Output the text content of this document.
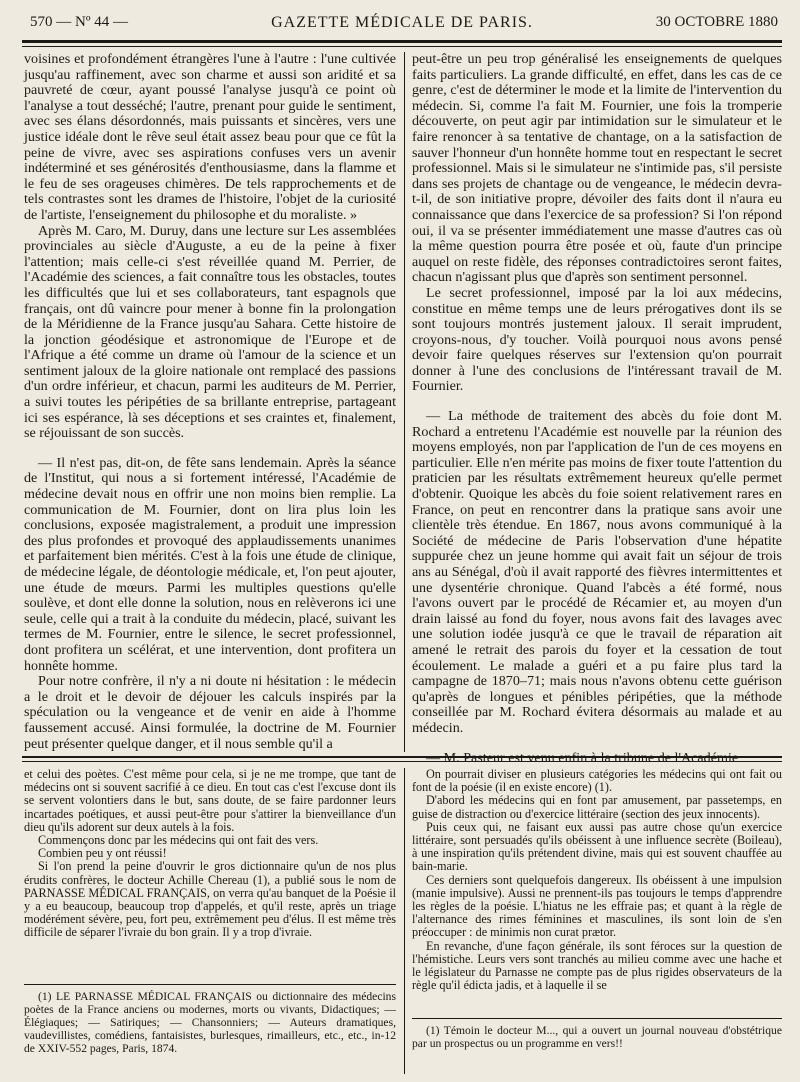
570 — Nº 44 —	GAZETTE MÉDICALE DE PARIS.	30 OCTOBRE 1880

voisines et profondément étrangères l'une à l'autre : l'une cultivée jusqu'au raffinement, avec son charme et aussi son aridité et sa pauvreté de cœur, ayant poussé l'analyse jusqu'à ce point où l'analyse a tout desséché; l'autre, prenant pour guide le sentiment, avec ses élans désordonnés, mais puissants et sincères, vers une justice idéale dont le rêve seul était assez beau pour que ce fût la peine de vivre, avec ses aspirations confuses vers un avenir indéterminé et ses générosités d'enthousiasme, dans la flamme et le feu de ses orageuses chimères. De tels rapprochements et de tels contrastes sont les drames de l'histoire, l'objet de la curiosité de l'artiste, l'enseignement du philosophe et du moraliste. »

Après M. Caro, M. Duruy, dans une lecture sur Les assemblées provinciales au siècle d'Auguste, a eu de la peine à fixer l'attention; mais celle-ci s'est réveillée quand M. Perrier, de l'Académie des sciences, a fait connaître tous les obstacles, toutes les difficultés que lui et ses collaborateurs, tant espagnols que français, ont dû vaincre pour mener à bonne fin la prolongation de la Méridienne de la France jusqu'au Sahara. Cette histoire de la jonction géodésique et astronomique de l'Europe et de l'Afrique a été comme un drame où l'amour de la science et un sentiment jaloux de la gloire nationale ont remplacé des passions d'un ordre inférieur, et chacun, parmi les auditeurs de M. Perrier, a suivi toutes les péripéties de sa brillante entreprise, partageant ici ses espérance, là ses déceptions et ses craintes et, finalement, se réjouissant de son succès.

— Il n'est pas, dit-on, de fête sans lendemain. Après la séance de l'Institut, qui nous a si fortement intéressé, l'Académie de médecine devait nous en offrir une non moins bien remplie. La communication de M. Fournier, dont on lira plus loin les conclusions, exposée magistralement, a produit une impression des plus profondes et provoqué des applaudissements unanimes et parfaitement bien mérités. C'est à la fois une étude de clinique, de médecine légale, de déontologie médicale, et, l'on peut ajouter, une étude de mœurs. Parmi les multiples questions qu'elle soulève, et dont elle donne la solution, nous en relèverons ici une seule, celle qui a trait à la conduite du médecin, placé, suivant les termes de M. Fournier, entre le silence, le secret professionnel, dont profitera un scélérat, et une intervention, dont profitera un honnête homme.

Pour notre confrère, il n'y a ni doute ni hésitation : le médecin a le droit et le devoir de déjouer les calculs inspirés par la spéculation ou la vengeance et de venir en aide à l'homme faussement accusé. Ainsi formulée, la doctrine de M. Fournier peut présenter quelque danger, et il nous semble qu'il a

peut-être un peu trop généralisé les enseignements de quelques faits particuliers. La grande difficulté, en effet, dans les cas de ce genre, c'est de déterminer le mode et la limite de l'intervention du médecin. Si, comme l'a fait M. Fournier, une fois la tromperie découverte, on peut agir par intimidation sur le simulateur et le faire renoncer à sa tentative de chantage, on a la satisfaction de sauver l'honneur d'un honnête homme tout en respectant le secret professionnel. Mais si le simulateur ne s'intimide pas, s'il persiste dans ses projets de chantage ou de vengeance, le médecin devra-t-il, de son initiative propre, dévoiler des faits dont il n'aura eu connaissance que dans l'exercice de sa profession? Si l'on répond oui, il va se présenter immédiatement une masse d'autres cas où la même question pourra être posée et où, faute d'un principe auquel on reste fidèle, des réponses contradictoires seront faites, chacun n'agissant plus que d'après son sentiment personnel.

Le secret professionnel, imposé par la loi aux médecins, constitue en même temps une de leurs prérogatives dont ils se sont toujours montrés justement jaloux. Il serait imprudent, croyons-nous, d'y toucher. Voilà pourquoi nous avons pensé devoir faire quelques réserves sur l'extension qu'on pourrait donner à l'une des conclusions de l'intéressant travail de M. Fournier.

— La méthode de traitement des abcès du foie dont M. Rochard a entretenu l'Académie est nouvelle par la réunion des moyens employés, non par l'application de l'un de ces moyens en particulier. Elle n'en mérite pas moins de fixer toute l'attention du praticien par les résultats extrêmement heureux qu'elle permet d'obtenir. Quoique les abcès du foie soient relativement rares en France, on peut en rencontrer dans la pratique sans avoir une clientèle très étendue. En 1867, nous avons communiqué à la Société de médecine de Paris l'observation d'une hépatite suppurée chez un jeune homme qui avait fait un séjour de trois ans au Sénégal, d'où il avait rapporté des fièvres intermittentes et une dysentérie chronique. Quand l'abcès a été formé, nous l'avons ouvert par le procédé de Récamier et, au moyen d'un drain laissé au fond du foyer, nous avons fait des lavages avec une solution iodée jusqu'à ce que le travail de réparation ait amené le retrait des parois du foyer et la cessation de tout écoulement. Le malade a guéri et a pu faire plus tard la campagne de 1870–71; mais nous n'avons obtenu cette guérison qu'après de longues et pénibles péripéties, que la méthode conseillée par M. Rochard évitera désormais au malade et au médecin.

et celui des poètes. C'est même pour cela, si je ne me trompe, que tant de médecins ont si souvent sacrifié à ce dieu. En tout cas c'est l'excuse dont ils se servent volontiers dans le but, sans doute, de se faire pardonner leurs incartades poétiques, et aussi peut-être pour s'attirer la bienveillance d'un dieu qu'ils adorent sur deux autels à la fois.

Commençons donc par les médecins qui ont fait des vers.

Combien peu y ont réussi!

Si l'on prend la peine d'ouvrir le gros dictionnaire qu'un de nos plus érudits confrères, le docteur Achille Chereau (1), a publié sous le nom de PARNASSE MÉDICAL FRANÇAIS, on verra qu'au banquet de la Poésie il y a eu beaucoup, beaucoup trop d'appelés, et qu'il reste, après un triage modérément sévère, peu, fort peu, extrêmement peu d'élus. Il est même très difficile de séparer l'ivraie du bon grain. Il y a trop d'ivraie.

(1) LE PARNASSE MÉDICAL FRANÇAIS ou dictionnaire des médecins poètes de la France anciens ou modernes, morts ou vivants, Didactiques; — Élégiaques; — Satiriques; — Chansonniers; — Auteurs dramatiques, vaudevillistes, comédiens, fantaisistes, burlesques, rimailleurs, etc., etc., in-12 de XXIV-552 pages, Paris, 1874.

On pourrait diviser en plusieurs catégories les médecins qui ont fait ou font de la poésie (il en existe encore) (1).

D'abord les médecins qui en font par amusement, par passetemps, en guise de distraction ou d'exercice littéraire (section des jeux innocents).

Puis ceux qui, ne faisant eux aussi pas autre chose qu'un exercice littéraire, sont persuadés qu'ils obéissent à une influence secrète (Boileau), à une inspiration qu'ils prétendent divine, mais qui est souvent chauffée au bain-marie.

Ces derniers sont quelquefois dangereux. Ils obéissent à une impulsion (manie impulsive). Aussi ne prennent-ils pas toujours le temps d'apprendre les règles de la poésie. L'hiatus ne les effraie pas; et quant à la règle de l'alternance des rimes féminines et masculines, ils sont loin de s'en préoccuper : de minimis non curat prætor.

En revanche, d'une façon générale, ils sont féroces sur la question de l'hémistiche. Leurs vers sont tranchés au milieu comme avec une hache et le législateur du Parnasse ne compte pas de plus rigides observateurs de la règle qu'il édicta jadis, et à laquelle il se

(1) Témoin le docteur M..., qui a ouvert un journal nouveau d'obstétrique par un prospectus ou un programme en vers!!
